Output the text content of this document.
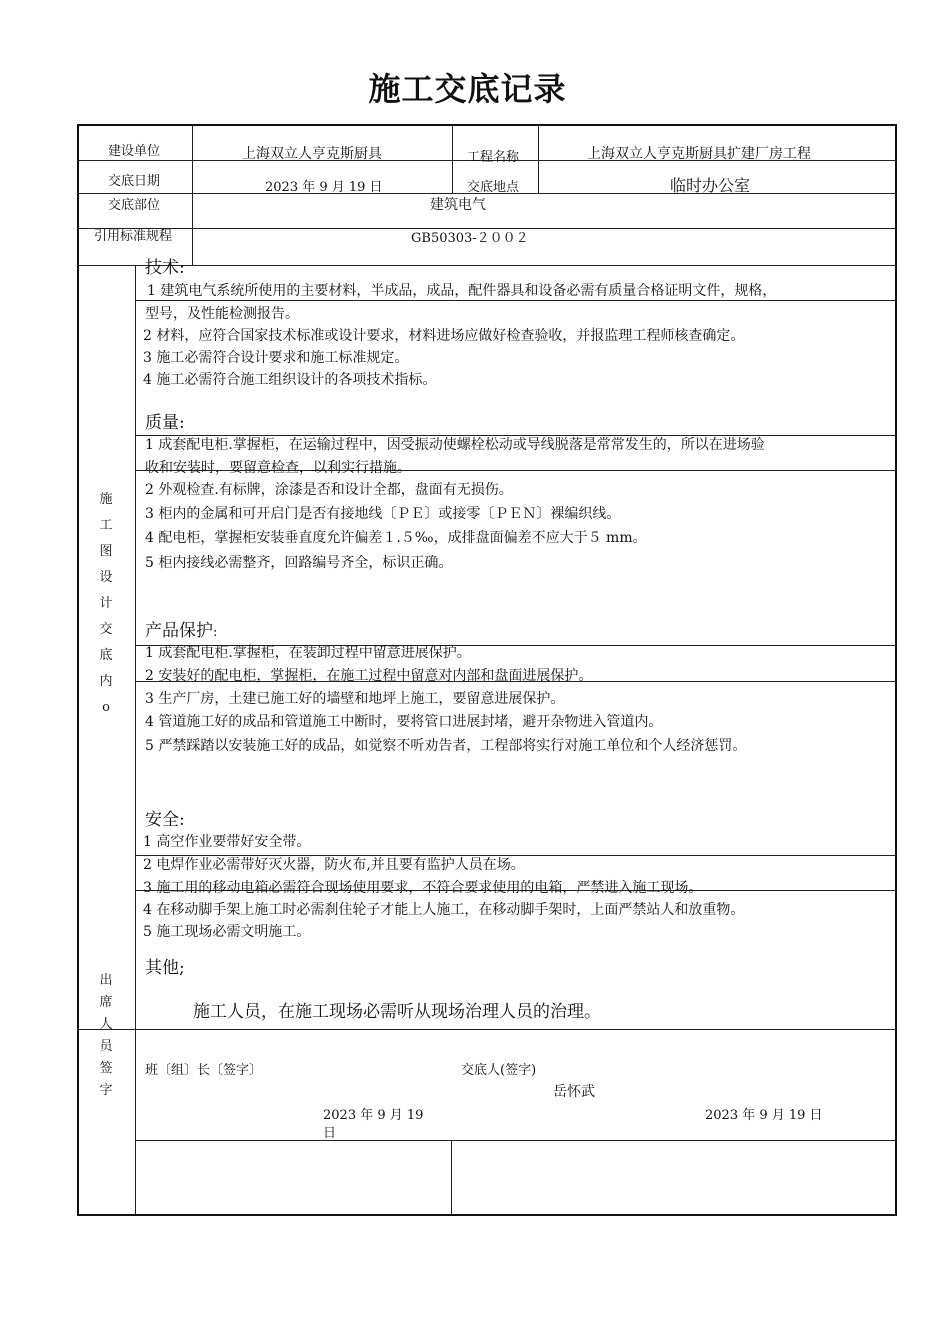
施工交底记录
建设单位	上海双立人亨克斯厨具	工程名称	上海双立人亨克斯厨具扩建厂房工程
交底日期	2023 年 9 月 19 日	交底地点	临时办公室
交底部位	建筑电气
引用标准规程	GB50303-２００２
施
工
图
设
计
交
底
内
o
出
席
人
员
签
字
技术:
1 建筑电气系统所使用的主要材料，半成品，成品，配件器具和设备必需有质量合格证明文件，规格，
型号，及性能检测报告。
2 材料，应符合国家技术标准或设计要求，材料进场应做好检查验收，并报监理工程师核查确定。
3 施工必需符合设计要求和施工标准规定。
4 施工必需符合施工组织设计的各项技术指标。
质量:
1 成套配电柜.掌握柜，在运输过程中，因受振动使螺栓松动或导线脱落是常常发生的，所以在进场验
收和安装时，要留意检查，以利实行措施。
2 外观检查.有标牌，涂漆是否和设计全都，盘面有无损伤。
3 柜内的金属和可开启门是否有接地线〔ＰＥ〕或接零〔ＰＥＮ〕裸编织线。
4 配电柜，掌握柜安装垂直度允许偏差１.５‰，成排盘面偏差不应大于５ mm。
5 柜内接线必需整齐，回路编号齐全，标识正确。
产品保护:
1 成套配电柜.掌握柜，在装卸过程中留意进展保护。
2 安装好的配电柜，掌握柜，在施工过程中留意对内部和盘面进展保护。
3 生产厂房，土建已施工好的墙壁和地坪上施工，要留意进展保护。
4 管道施工好的成品和管道施工中断时，要将管口进展封堵，避开杂物进入管道内。
5 严禁踩踏以安装施工好的成品，如觉察不听劝告者，工程部将实行对施工单位和个人经济惩罚。
安全:
1 高空作业要带好安全带。
2 电焊作业必需带好灭火器，防火布,并且要有监护人员在场。
3 施工用的移动电箱必需符合现场使用要求，不符合要求使用的电箱，严禁进入施工现场。
4 在移动脚手架上施工时必需刹住轮子才能上人施工，在移动脚手架时，上面严禁站人和放重物。
5 施工现场必需文明施工。
其他;
施工人员，在施工现场必需听从现场治理人员的治理。
班〔组〕长〔签字〕
2023 年 9 月 19
日
交底人(签字)
岳怀武
2023 年 9 月 19 日
